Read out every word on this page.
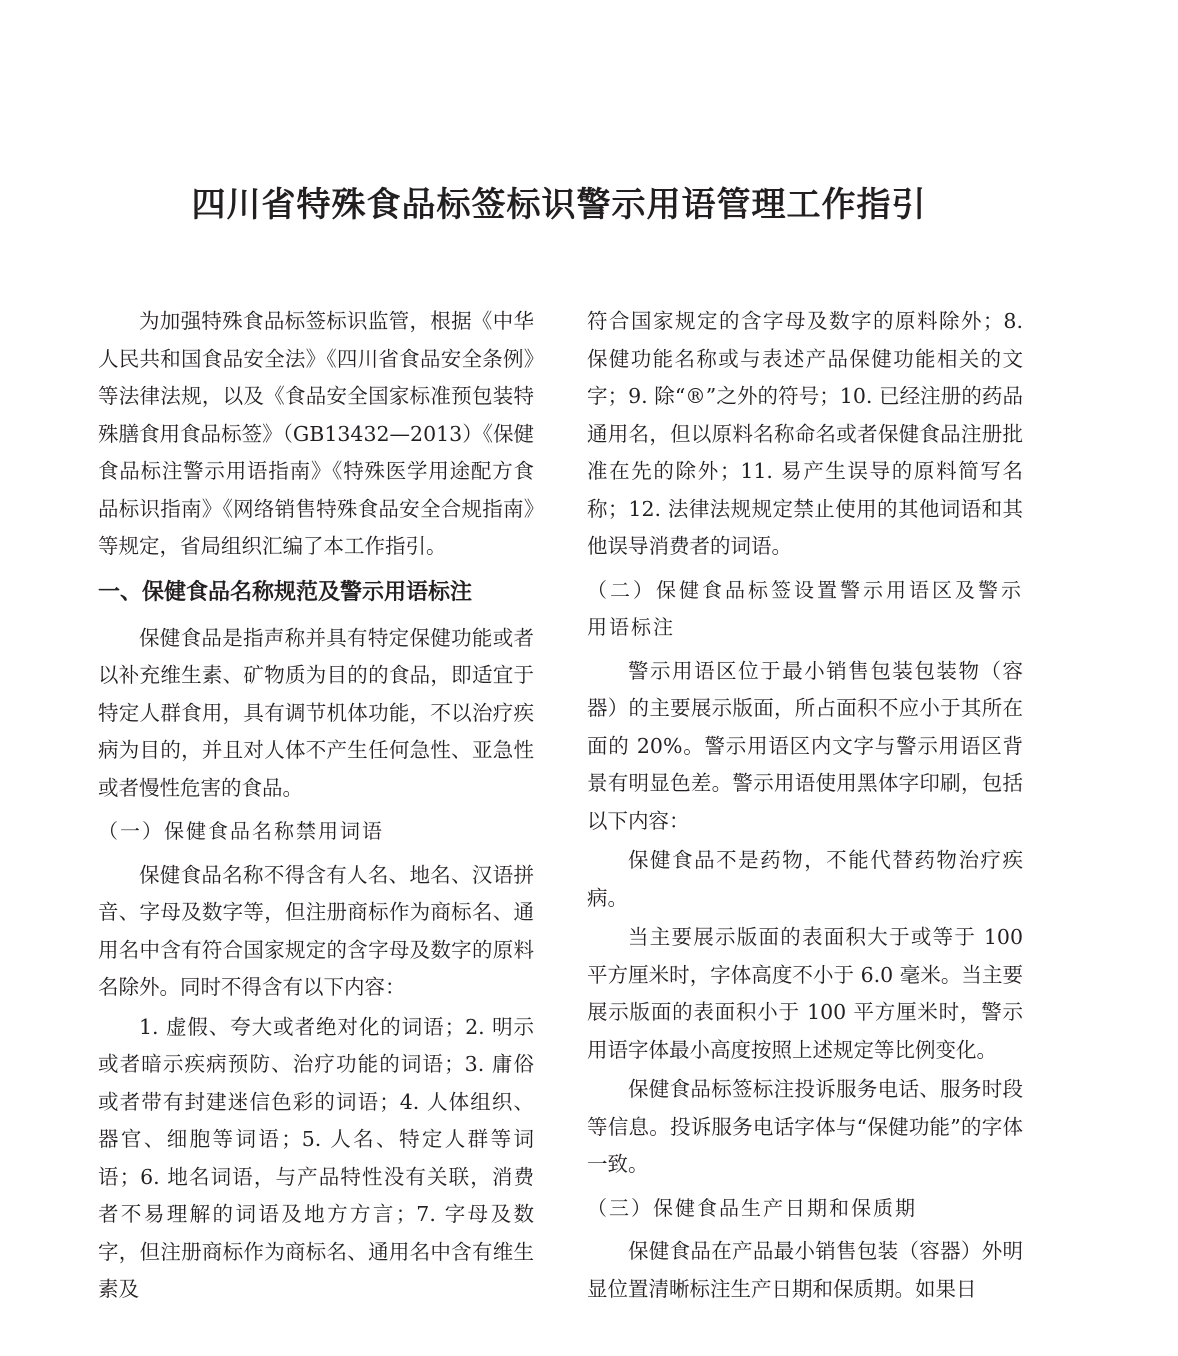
四川省特殊食品标签标识警示用语管理工作指引

为加强特殊食品标签标识监管，根据《中华人民共和国食品安全法》《四川省食品安全条例》等法律法规，以及《食品安全国家标准预包装特殊膳食用食品标签》（GB13432—2013）《保健食品标注警示用语指南》《特殊医学用途配方食品标识指南》《网络销售特殊食品安全合规指南》等规定，省局组织汇编了本工作指引。

一、保健食品名称规范及警示用语标注

保健食品是指声称并具有特定保健功能或者以补充维生素、矿物质为目的的食品，即适宜于特定人群食用，具有调节机体功能，不以治疗疾病为目的，并且对人体不产生任何急性、亚急性或者慢性危害的食品。

（一）保健食品名称禁用词语

保健食品名称不得含有人名、地名、汉语拼音、字母及数字等，但注册商标作为商标名、通用名中含有符合国家规定的含字母及数字的原料名除外。同时不得含有以下内容：

1. 虚假、夸大或者绝对化的词语；2. 明示或者暗示疾病预防、治疗功能的词语；3. 庸俗或者带有封建迷信色彩的词语；4. 人体组织、器官、细胞等词语；5. 人名、特定人群等词语；6. 地名词语，与产品特性没有关联，消费者不易理解的词语及地方方言；7. 字母及数字，但注册商标作为商标名、通用名中含有维生素及

符合国家规定的含字母及数字的原料除外；8. 保健功能名称或与表述产品保健功能相关的文字；9. 除“®”之外的符号；10. 已经注册的药品通用名，但以原料名称命名或者保健食品注册批准在先的除外；11. 易产生误导的原料简写名称；12. 法律法规规定禁止使用的其他词语和其他误导消费者的词语。

（二）保健食品标签设置警示用语区及警示用语标注

警示用语区位于最小销售包装包装物（容器）的主要展示版面，所占面积不应小于其所在面的 20%。警示用语区内文字与警示用语区背景有明显色差。警示用语使用黑体字印刷，包括以下内容：

保健食品不是药物，不能代替药物治疗疾病。

当主要展示版面的表面积大于或等于 100 平方厘米时，字体高度不小于 6.0 毫米。当主要展示版面的表面积小于 100 平方厘米时，警示用语字体最小高度按照上述规定等比例变化。

保健食品标签标注投诉服务电话、服务时段等信息。投诉服务电话字体与“保健功能”的字体一致。

（三）保健食品生产日期和保质期

保健食品在产品最小销售包装（容器）外明显位置清晰标注生产日期和保质期。如果日
